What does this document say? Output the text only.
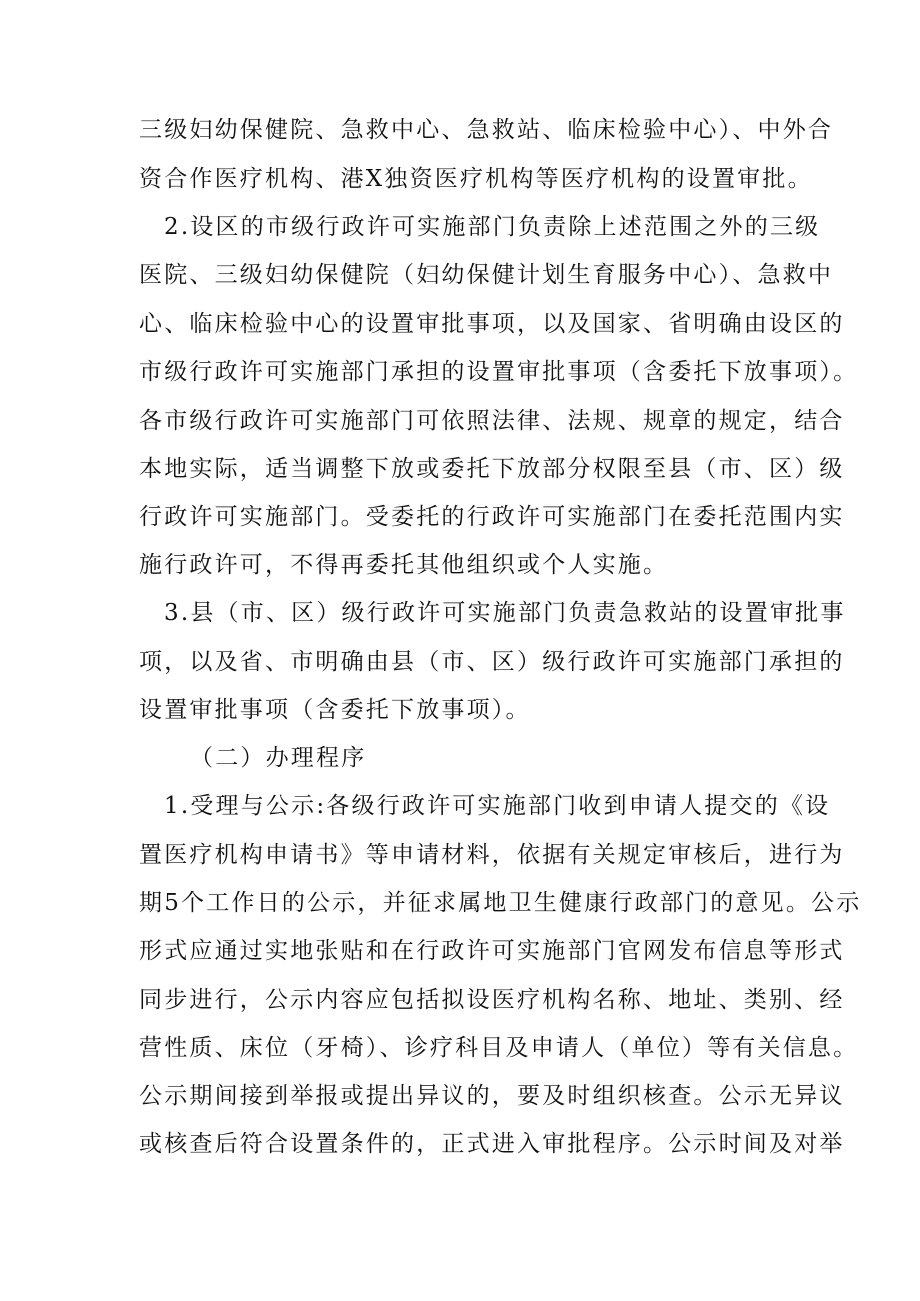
三级妇幼保健院、急救中心、急救站、临床检验中心）、中外合
资合作医疗机构、港X独资医疗机构等医疗机构的设置审批。
2.设区的市级行政许可实施部门负责除上述范围之外的三级
医院、三级妇幼保健院（妇幼保健计划生育服务中心）、急救中
心、临床检验中心的设置审批事项，以及国家、省明确由设区的
市级行政许可实施部门承担的设置审批事项（含委托下放事项）。
各市级行政许可实施部门可依照法律、法规、规章的规定，结合
本地实际，适当调整下放或委托下放部分权限至县（市、区）级
行政许可实施部门。受委托的行政许可实施部门在委托范围内实
施行政许可，不得再委托其他组织或个人实施。
3.县（市、区）级行政许可实施部门负责急救站的设置审批事
项，以及省、市明确由县（市、区）级行政许可实施部门承担的
设置审批事项（含委托下放事项）。
（二）办理程序
1.受理与公示:各级行政许可实施部门收到申请人提交的《设
置医疗机构申请书》等申请材料，依据有关规定审核后，进行为
期5个工作日的公示，并征求属地卫生健康行政部门的意见。公示
形式应通过实地张贴和在行政许可实施部门官网发布信息等形式
同步进行，公示内容应包括拟设医疗机构名称、地址、类别、经
营性质、床位（牙椅）、诊疗科目及申请人（单位）等有关信息。
公示期间接到举报或提出异议的，要及时组织核查。公示无异议
或核查后符合设置条件的，正式进入审批程序。公示时间及对举
